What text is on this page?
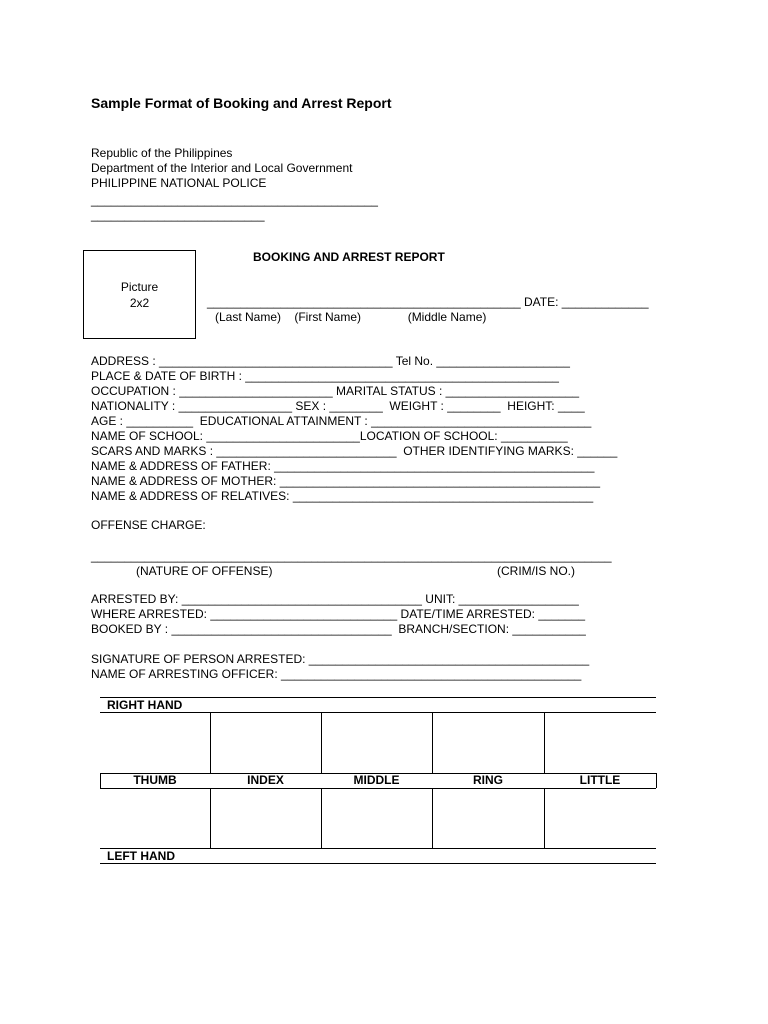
Sample Format of Booking and Arrest Report
Republic of the Philippines
Department of the Interior and Local Government
PHILIPPINE NATIONAL POLICE
___________________________________________
__________________________
Picture
2x2
BOOKING AND ARREST REPORT
_______________________________________________ DATE: _____________
(Last Name)    (First Name)              (Middle Name)
ADDRESS : ___________________________________ Tel No. ____________________
PLACE & DATE OF BIRTH : _______________________________________________
OCCUPATION : _______________________ MARITAL STATUS : ____________________
NATIONALITY : _________________ SEX : ________  WEIGHT : ________  HEIGHT: ____
AGE : __________  EDUCATIONAL ATTAINMENT : _________________________________
NAME OF SCHOOL: _______________________LOCATION OF SCHOOL: __________
SCARS AND MARKS : ___________________________  OTHER IDENTIFYING MARKS: ______
NAME & ADDRESS OF FATHER: ________________________________________________
NAME & ADDRESS OF MOTHER: ________________________________________________
NAME & ADDRESS OF RELATIVES: _____________________________________________
OFFENSE CHARGE:
______________________________________________________________________________
(NATURE OF OFFENSE)	(CRIM/IS NO.)
ARRESTED BY: ____________________________________ UNIT: __________________
WHERE ARRESTED: ____________________________ DATE/TIME ARRESTED: _______
BOOKED BY : _________________________________  BRANCH/SECTION: ___________
SIGNATURE OF PERSON ARRESTED: __________________________________________
NAME OF ARRESTING OFFICER: _____________________________________________
RIGHT HAND
THUMB	INDEX	MIDDLE	RING	LITTLE
LEFT HAND
